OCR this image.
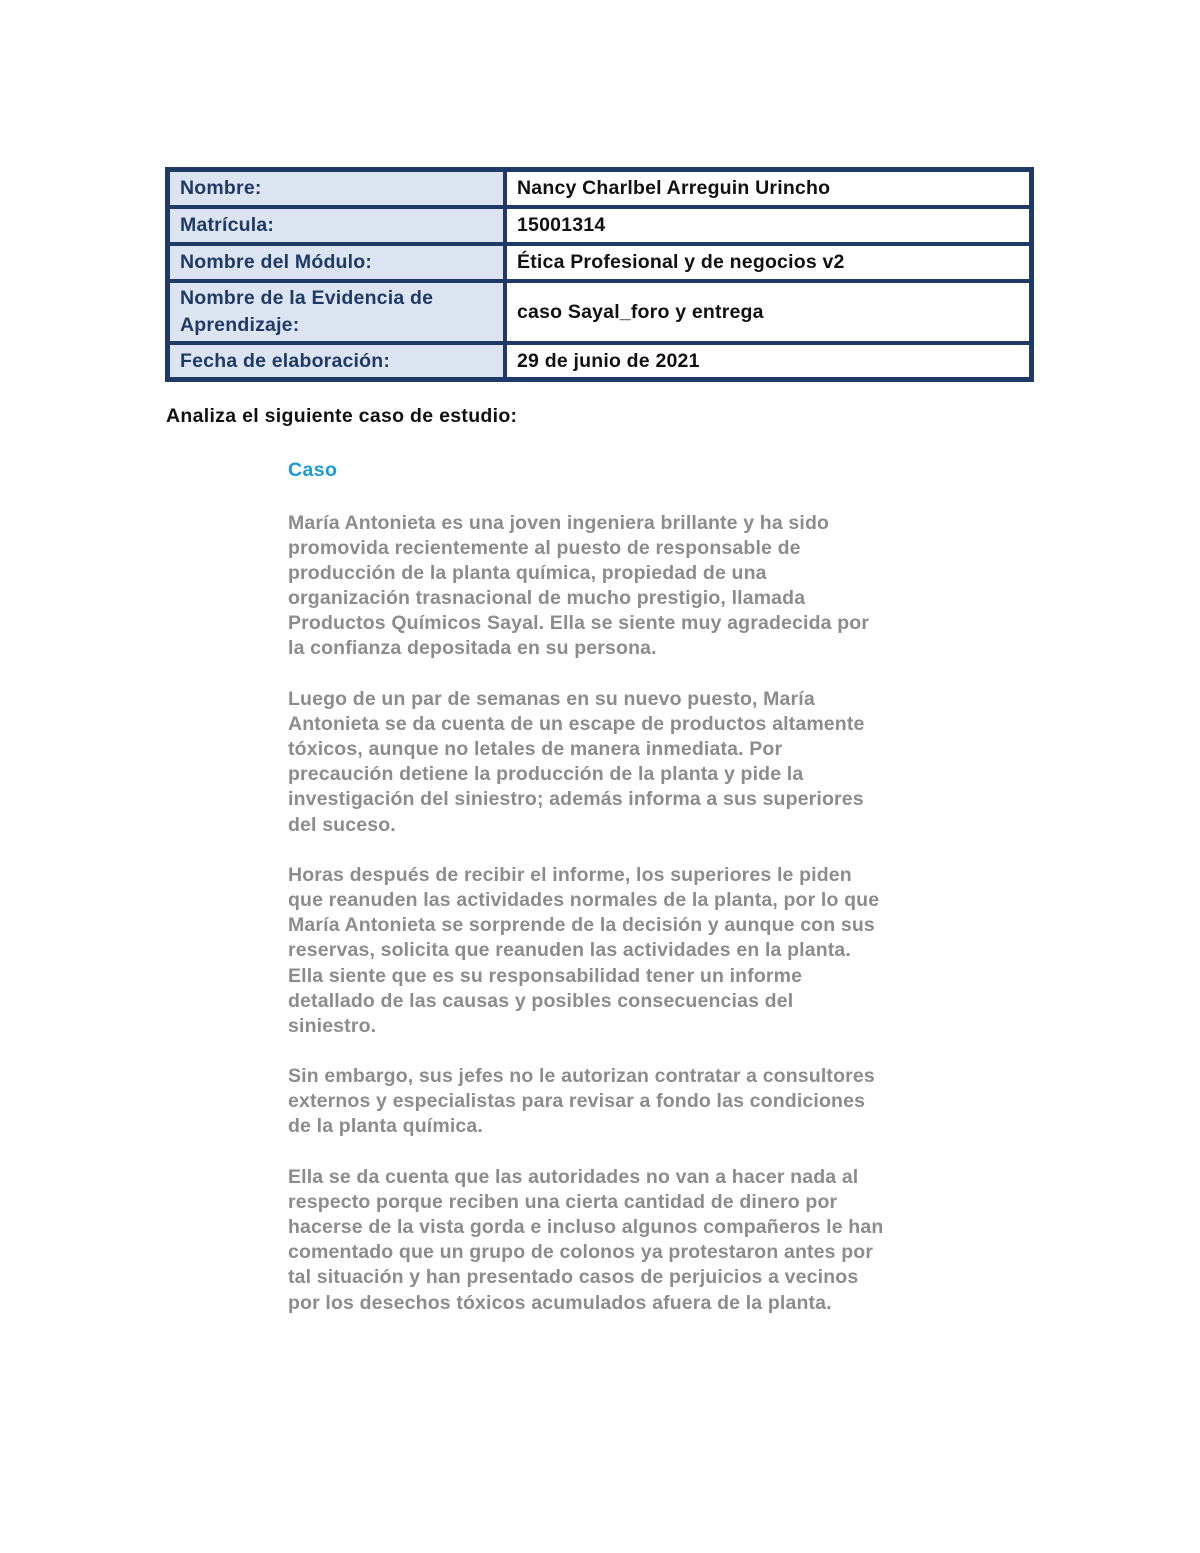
Nombre:	Nancy Charlbel Arreguin Urincho
Matrícula:	15001314
Nombre del Módulo:	Ética Profesional y de negocios v2

Nombre de la Evidencia de
Aprendizaje:	caso Sayal_foro y entrega
Fecha de elaboración:	29 de junio de 2021
Analiza el siguiente caso de estudio:
Caso

María Antonieta es una joven ingeniera brillante y ha sido
promovida recientemente al puesto de responsable de
producción de la planta química, propiedad de una
organización trasnacional de mucho prestigio, llamada
Productos Químicos Sayal. Ella se siente muy agradecida por
la confianza depositada en su persona.

Luego de un par de semanas en su nuevo puesto, María
Antonieta se da cuenta de un escape de productos altamente
tóxicos, aunque no letales de manera inmediata. Por
precaución detiene la producción de la planta y pide la
investigación del siniestro; además informa a sus superiores
del suceso.

Horas después de recibir el informe, los superiores le piden
que reanuden las actividades normales de la planta, por lo que
María Antonieta se sorprende de la decisión y aunque con sus
reservas, solicita que reanuden las actividades en la planta.
Ella siente que es su responsabilidad tener un informe
detallado de las causas y posibles consecuencias del
siniestro.

Sin embargo, sus jefes no le autorizan contratar a consultores
externos y especialistas para revisar a fondo las condiciones
de la planta química.

Ella se da cuenta que las autoridades no van a hacer nada al
respecto porque reciben una cierta cantidad de dinero por
hacerse de la vista gorda e incluso algunos compañeros le han
comentado que un grupo de colonos ya protestaron antes por
tal situación y han presentado casos de perjuicios a vecinos
por los desechos tóxicos acumulados afuera de la planta.
